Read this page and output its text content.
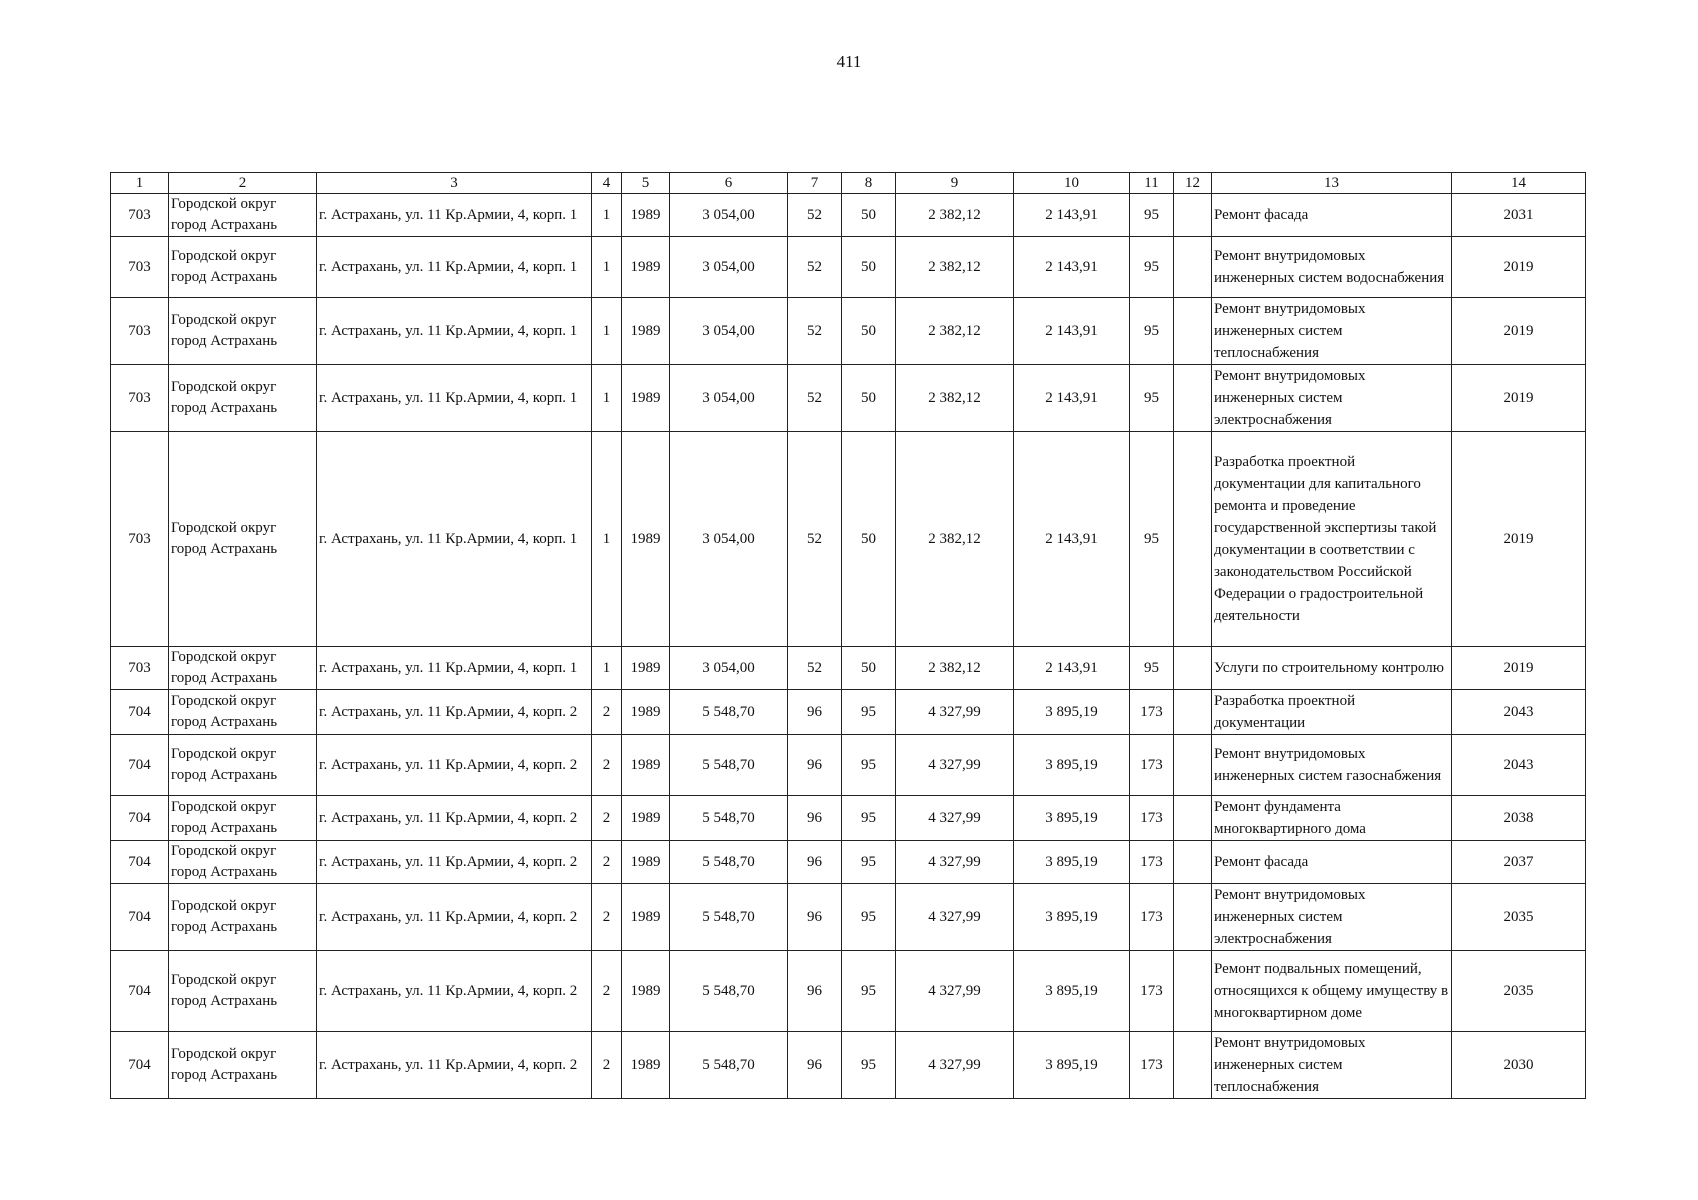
411
1	2	3	4	5	6	7	8	9	10	11	12	13	14
703	Городской округ город Астрахань	г. Астрахань, ул. 11 Кр.Армии, 4, корп. 1	1	1989	3 054,00	52	50	2 382,12	2 143,91	95		Ремонт фасада	2031
703	Городской округ город Астрахань	г. Астрахань, ул. 11 Кр.Армии, 4, корп. 1	1	1989	3 054,00	52	50	2 382,12	2 143,91	95		Ремонт внутридомовых инженерных систем водоснабжения	2019
703	Городской округ город Астрахань	г. Астрахань, ул. 11 Кр.Армии, 4, корп. 1	1	1989	3 054,00	52	50	2 382,12	2 143,91	95		Ремонт внутридомовых инженерных систем теплоснабжения	2019
703	Городской округ город Астрахань	г. Астрахань, ул. 11 Кр.Армии, 4, корп. 1	1	1989	3 054,00	52	50	2 382,12	2 143,91	95		Ремонт внутридомовых инженерных систем электроснабжения	2019
703	Городской округ город Астрахань	г. Астрахань, ул. 11 Кр.Армии, 4, корп. 1	1	1989	3 054,00	52	50	2 382,12	2 143,91	95		Разработка проектной документации для капитального ремонта и проведение государственной экспертизы такой документации в соответствии с законодательством Российской Федерации о градостроительной деятельности	2019
703	Городской округ город Астрахань	г. Астрахань, ул. 11 Кр.Армии, 4, корп. 1	1	1989	3 054,00	52	50	2 382,12	2 143,91	95		Услуги по строительному контролю	2019
704	Городской округ город Астрахань	г. Астрахань, ул. 11 Кр.Армии, 4, корп. 2	2	1989	5 548,70	96	95	4 327,99	3 895,19	173		Разработка проектной документации	2043
704	Городской округ город Астрахань	г. Астрахань, ул. 11 Кр.Армии, 4, корп. 2	2	1989	5 548,70	96	95	4 327,99	3 895,19	173		Ремонт внутридомовых инженерных систем газоснабжения	2043
704	Городской округ город Астрахань	г. Астрахань, ул. 11 Кр.Армии, 4, корп. 2	2	1989	5 548,70	96	95	4 327,99	3 895,19	173		Ремонт фундамента многоквартирного дома	2038
704	Городской округ город Астрахань	г. Астрахань, ул. 11 Кр.Армии, 4, корп. 2	2	1989	5 548,70	96	95	4 327,99	3 895,19	173		Ремонт фасада	2037
704	Городской округ город Астрахань	г. Астрахань, ул. 11 Кр.Армии, 4, корп. 2	2	1989	5 548,70	96	95	4 327,99	3 895,19	173		Ремонт внутридомовых инженерных систем электроснабжения	2035
704	Городской округ город Астрахань	г. Астрахань, ул. 11 Кр.Армии, 4, корп. 2	2	1989	5 548,70	96	95	4 327,99	3 895,19	173		Ремонт подвальных помещений, относящихся к общему имуществу в многоквартирном доме	2035
704	Городской округ город Астрахань	г. Астрахань, ул. 11 Кр.Армии, 4, корп. 2	2	1989	5 548,70	96	95	4 327,99	3 895,19	173		Ремонт внутридомовых инженерных систем теплоснабжения	2030
